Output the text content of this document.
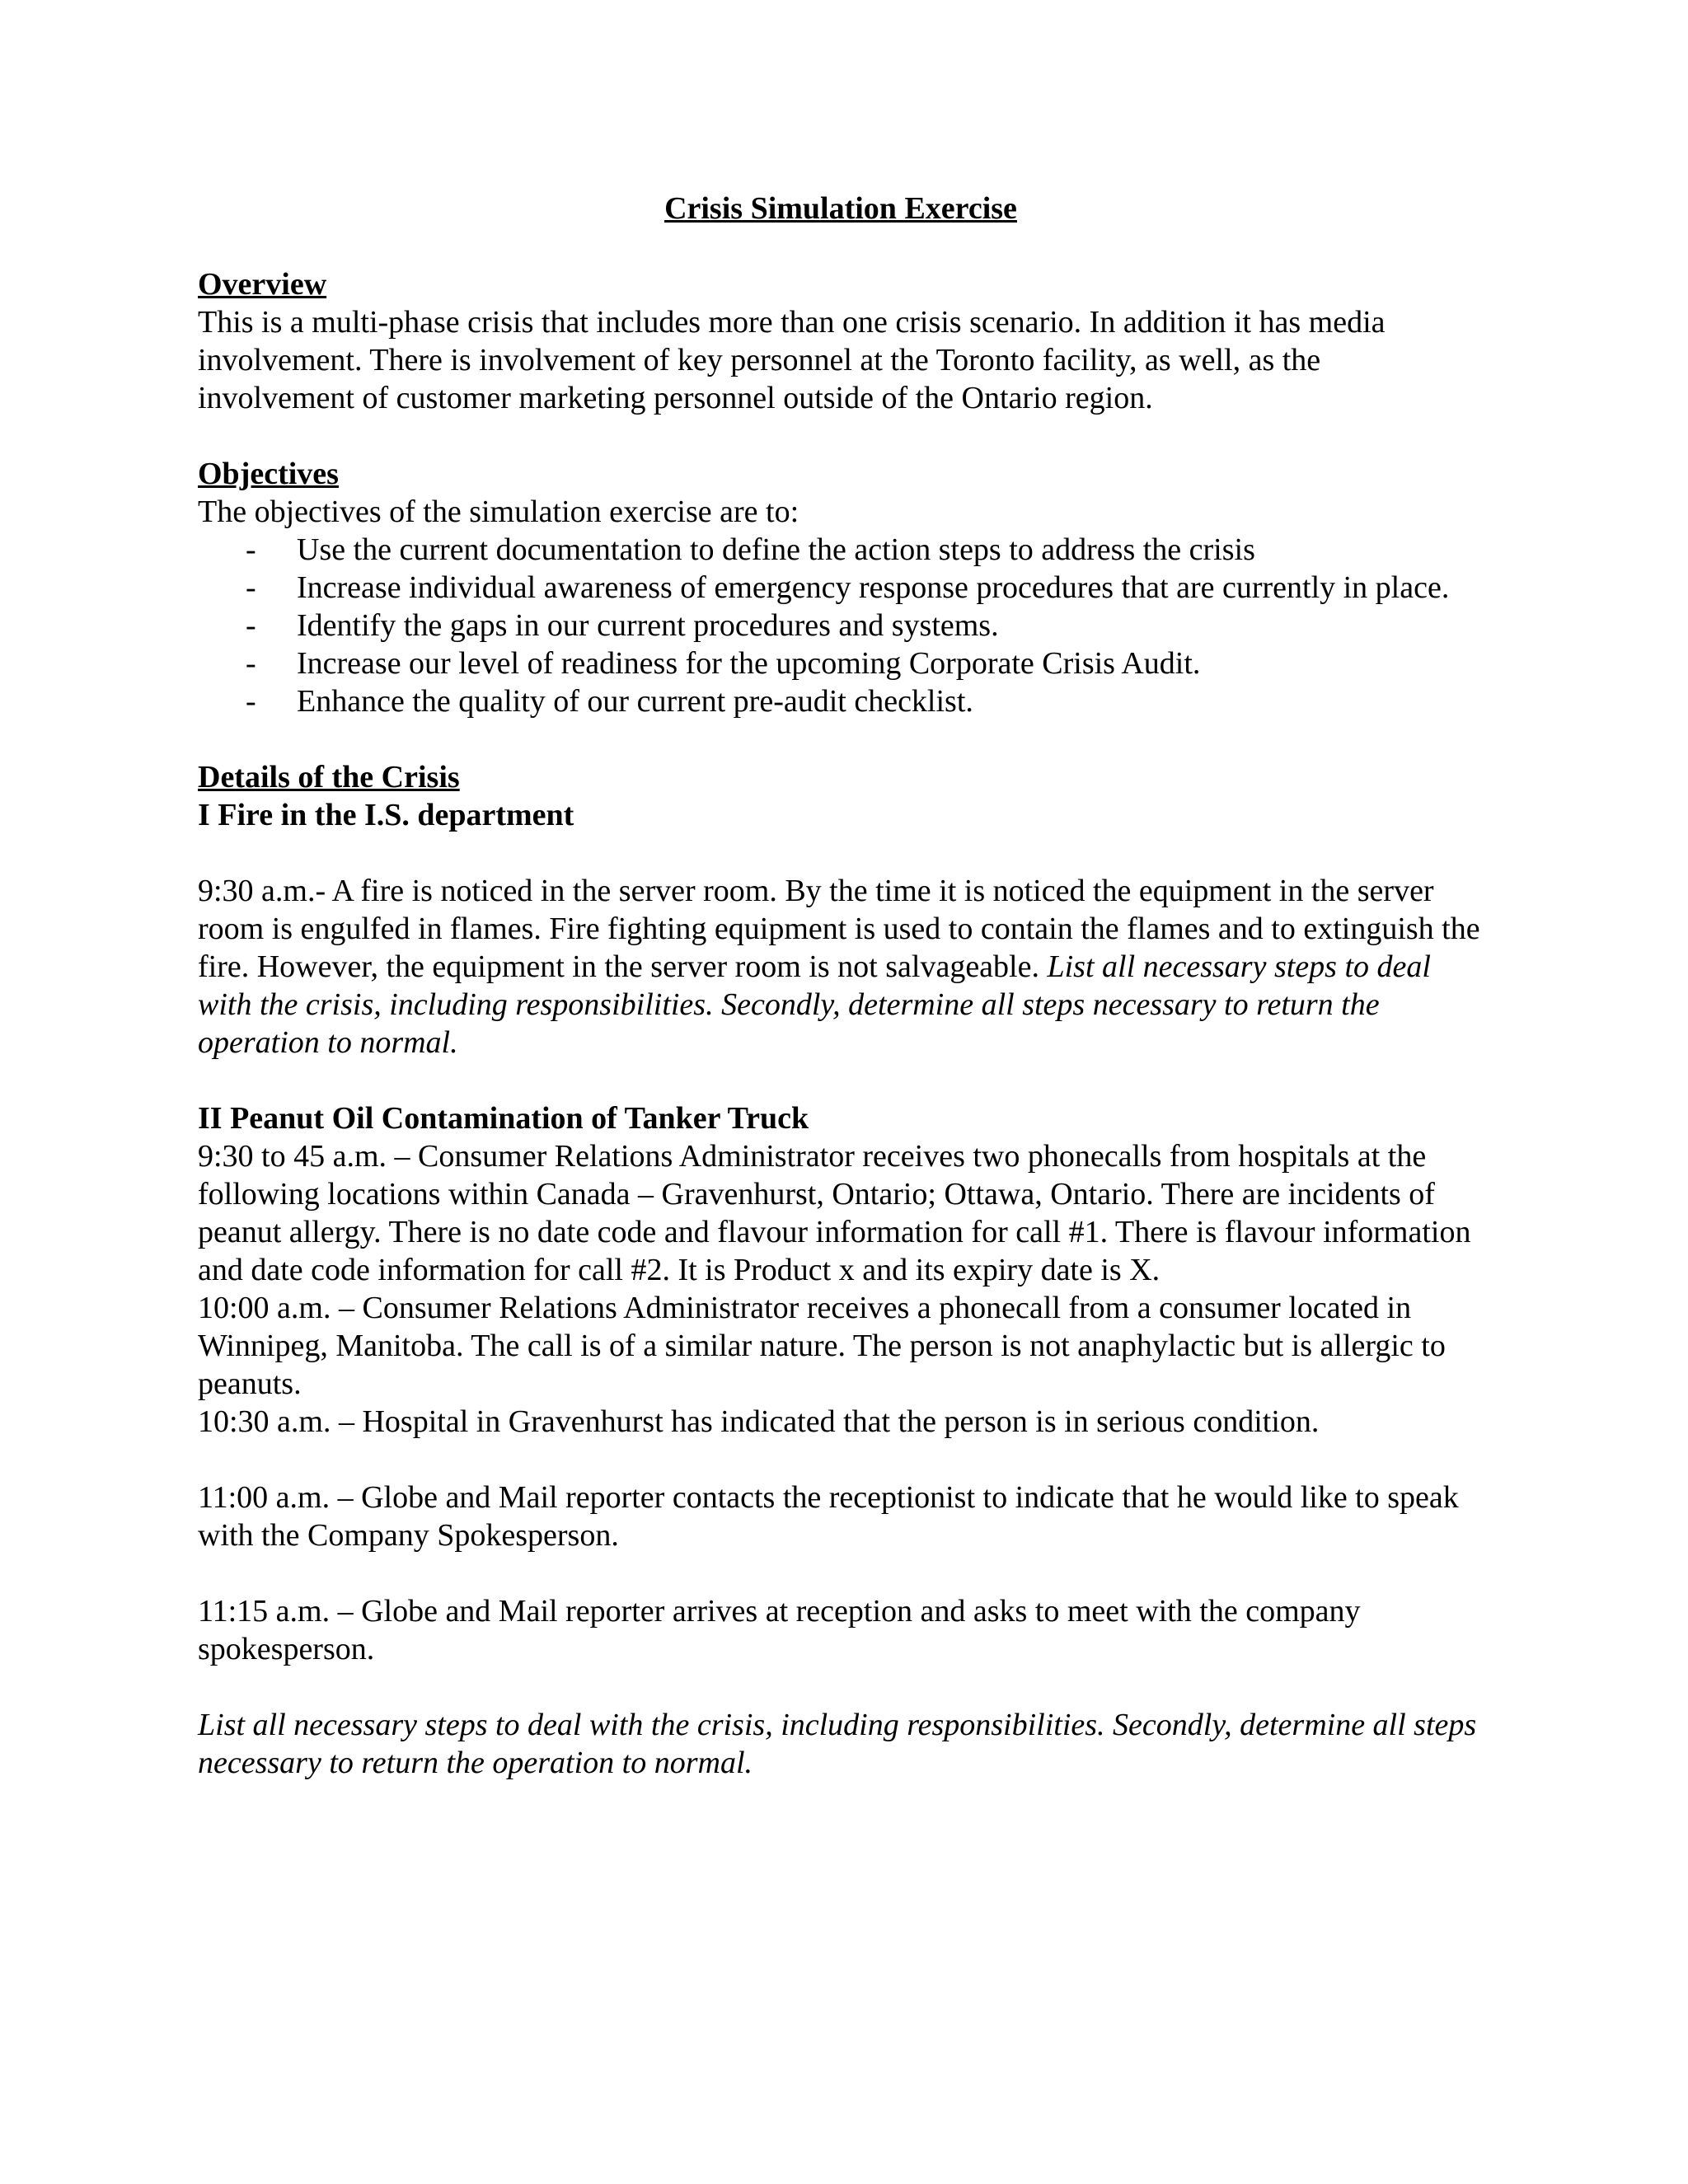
Crisis Simulation Exercise

Overview

This is a multi-phase crisis that includes more than one crisis scenario. In addition it has media involvement. There is involvement of key personnel at the Toronto facility, as well, as the involvement of customer marketing personnel outside of the Ontario region.

Objectives

The objectives of the simulation exercise are to:

- Use the current documentation to define the action steps to address the crisis
- Increase individual awareness of emergency response procedures that are currently in place.
- Identify the gaps in our current procedures and systems.
- Increase our level of readiness for the upcoming Corporate Crisis Audit.
- Enhance the quality of our current pre-audit checklist.

Details of the Crisis

I Fire in the I.S. department

9:30 a.m.- A fire is noticed in the server room. By the time it is noticed the equipment in the server room is engulfed in flames. Fire fighting equipment is used to contain the flames and to extinguish the fire. However, the equipment in the server room is not salvageable. List all necessary steps to deal with the crisis, including responsibilities. Secondly, determine all steps necessary to return the operation to normal.

II Peanut Oil Contamination of Tanker Truck

9:30 to 45 a.m. – Consumer Relations Administrator receives two phonecalls from hospitals at the following locations within Canada – Gravenhurst, Ontario; Ottawa, Ontario. There are incidents of peanut allergy. There is no date code and flavour information for call #1. There is flavour information and date code information for call #2. It is Product x and its expiry date is X.

10:00 a.m. – Consumer Relations Administrator receives a phonecall from a consumer located in Winnipeg, Manitoba. The call is of a similar nature. The person is not anaphylactic but is allergic to peanuts.

10:30 a.m. – Hospital in Gravenhurst has indicated that the person is in serious condition.

11:00 a.m. – Globe and Mail reporter contacts the receptionist to indicate that he would like to speak with the Company Spokesperson.

11:15 a.m. – Globe and Mail reporter arrives at reception and asks to meet with the company spokesperson.

List all necessary steps to deal with the crisis, including responsibilities. Secondly, determine all steps necessary to return the operation to normal.
